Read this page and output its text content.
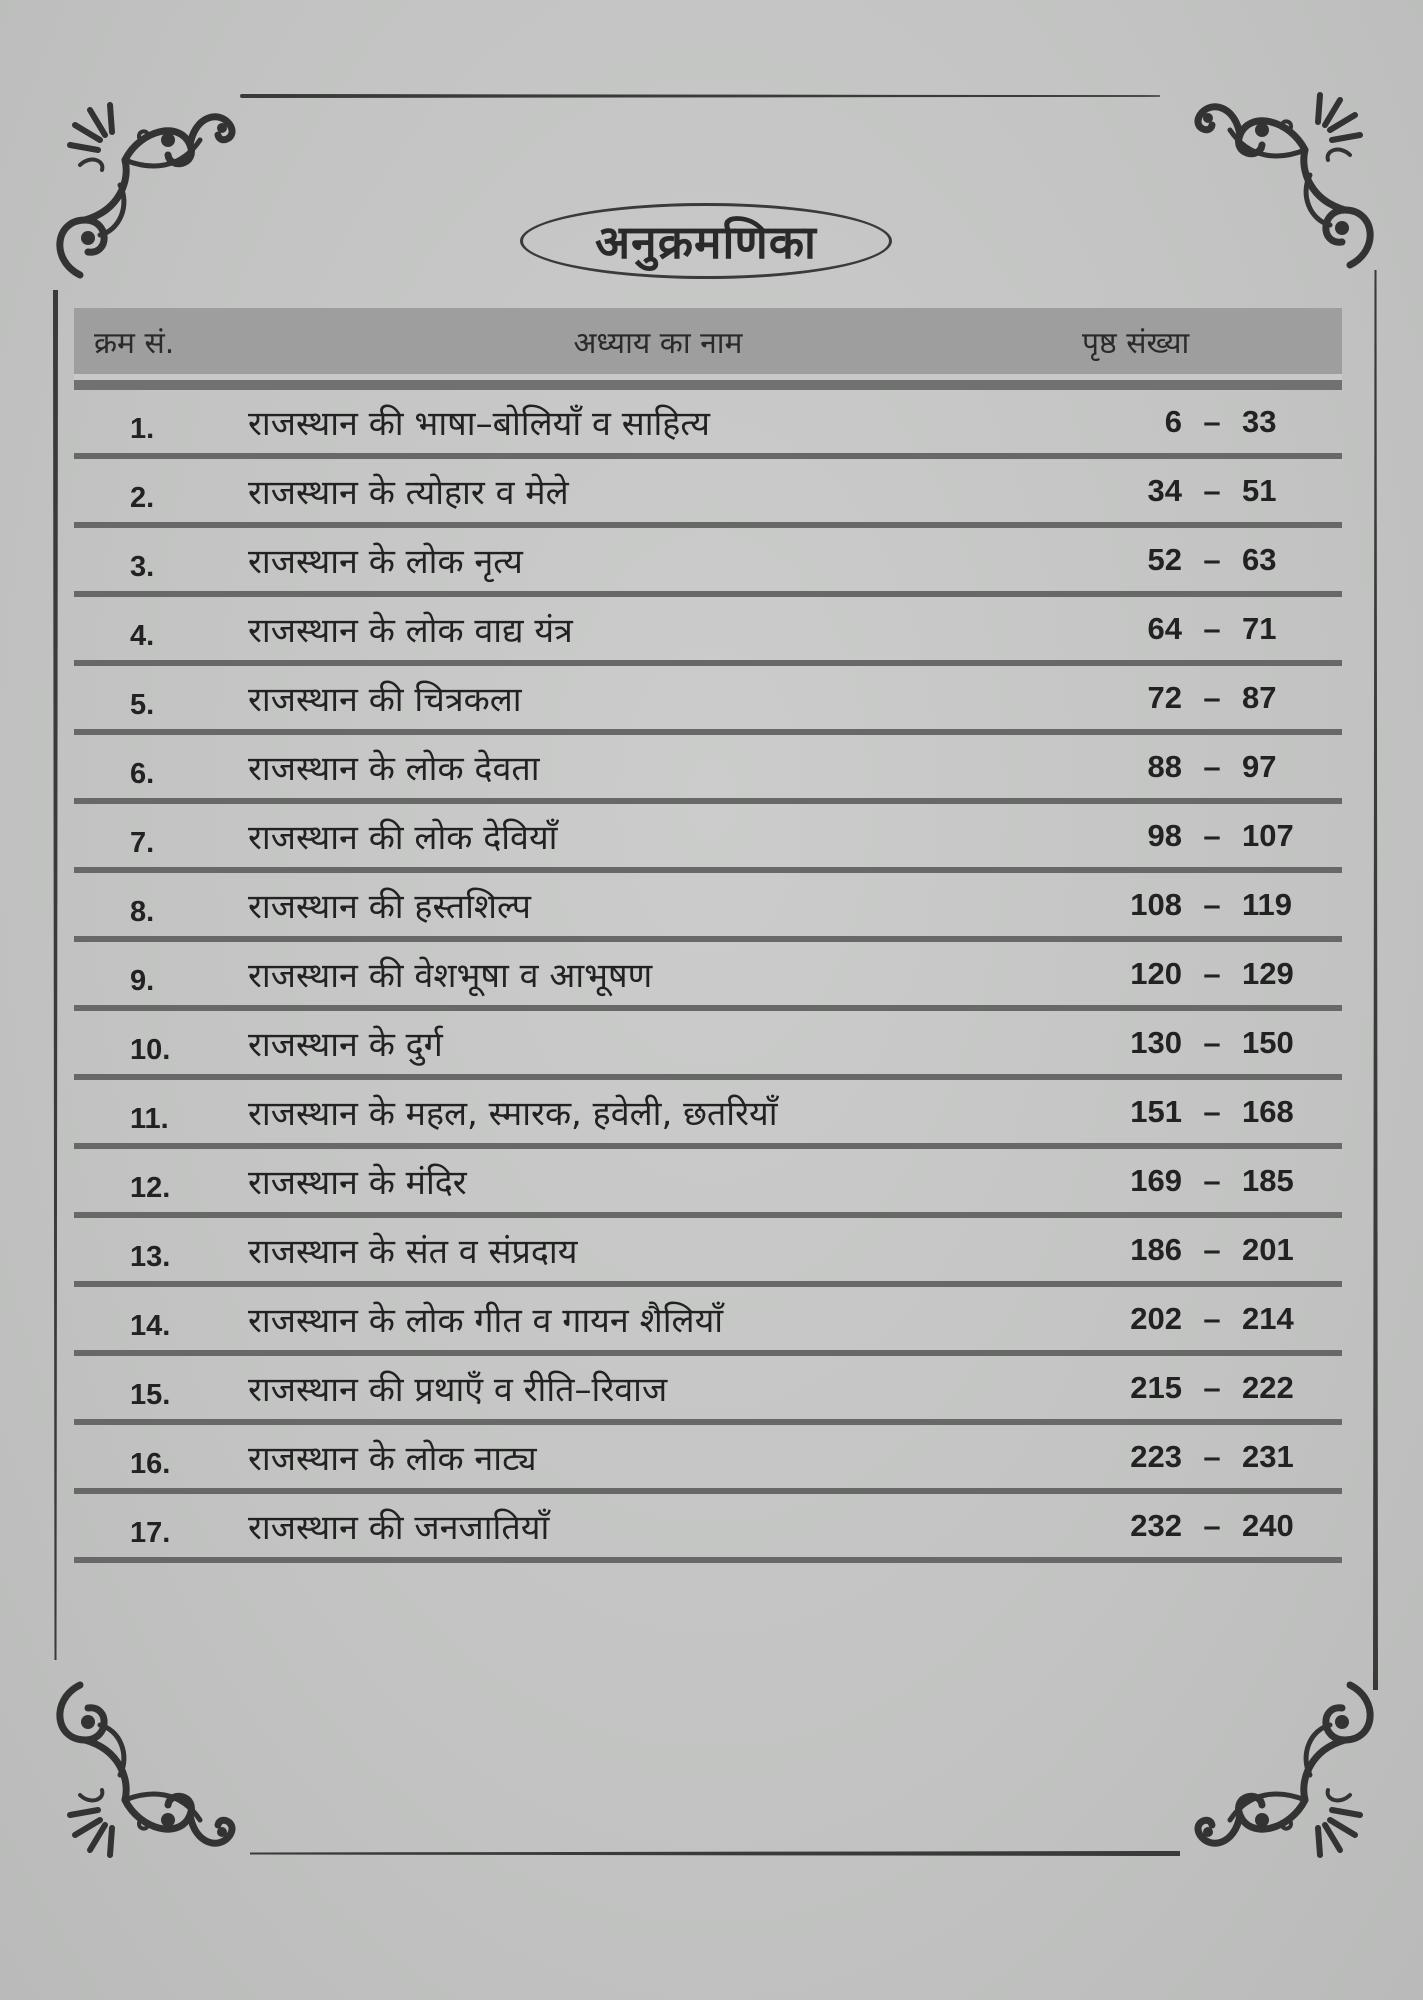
अनुक्रमणिका
क्रम सं.	अध्याय का नाम	पृष्ठ संख्या
1.	राजस्थान की भाषा–बोलियाँ व साहित्य	6 – 33
2.	राजस्थान के त्योहार व मेले	34 – 51
3.	राजस्थान के लोक नृत्य	52 – 63
4.	राजस्थान के लोक वाद्य यंत्र	64 – 71
5.	राजस्थान की चित्रकला	72 – 87
6.	राजस्थान के लोक देवता	88 – 97
7.	राजस्थान की लोक देवियाँ	98 – 107
8.	राजस्थान की हस्तशिल्प	108 – 119
9.	राजस्थान की वेशभूषा व आभूषण	120 – 129
10.	राजस्थान के दुर्ग	130 – 150
11.	राजस्थान के महल, स्मारक, हवेली, छतरियाँ	151 – 168
12.	राजस्थान के मंदिर	169 – 185
13.	राजस्थान के संत व संप्रदाय	186 – 201
14.	राजस्थान के लोक गीत व गायन शैलियाँ	202 – 214
15.	राजस्थान की प्रथाएँ व रीति–रिवाज	215 – 222
16.	राजस्थान के लोक नाट्य	223 – 231
17.	राजस्थान की जनजातियाँ	232 – 240
